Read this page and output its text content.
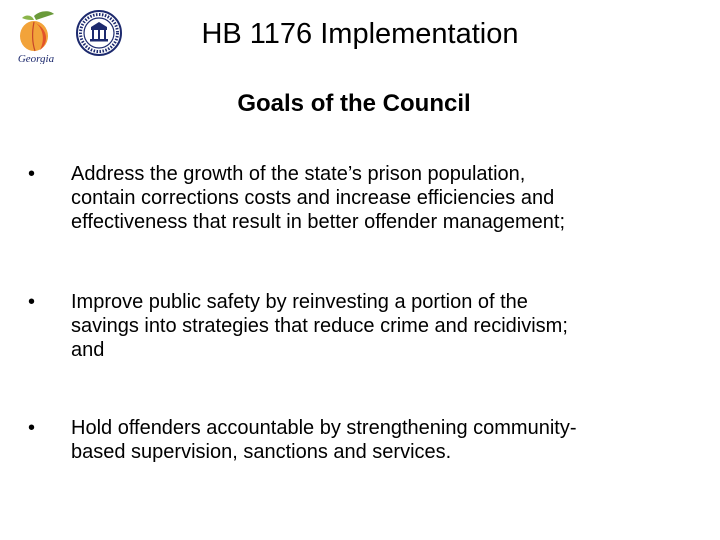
Georgia
HB 1176 Implementation
Goals of the Council
•	Address the growth of the state’s prison population,
contain corrections costs and increase efficiencies and
effectiveness that result in better offender management;
•	Improve public safety by reinvesting a portion of the
savings into strategies that reduce crime and recidivism;
and
•	Hold offenders accountable by strengthening community-
based supervision, sanctions and services.
